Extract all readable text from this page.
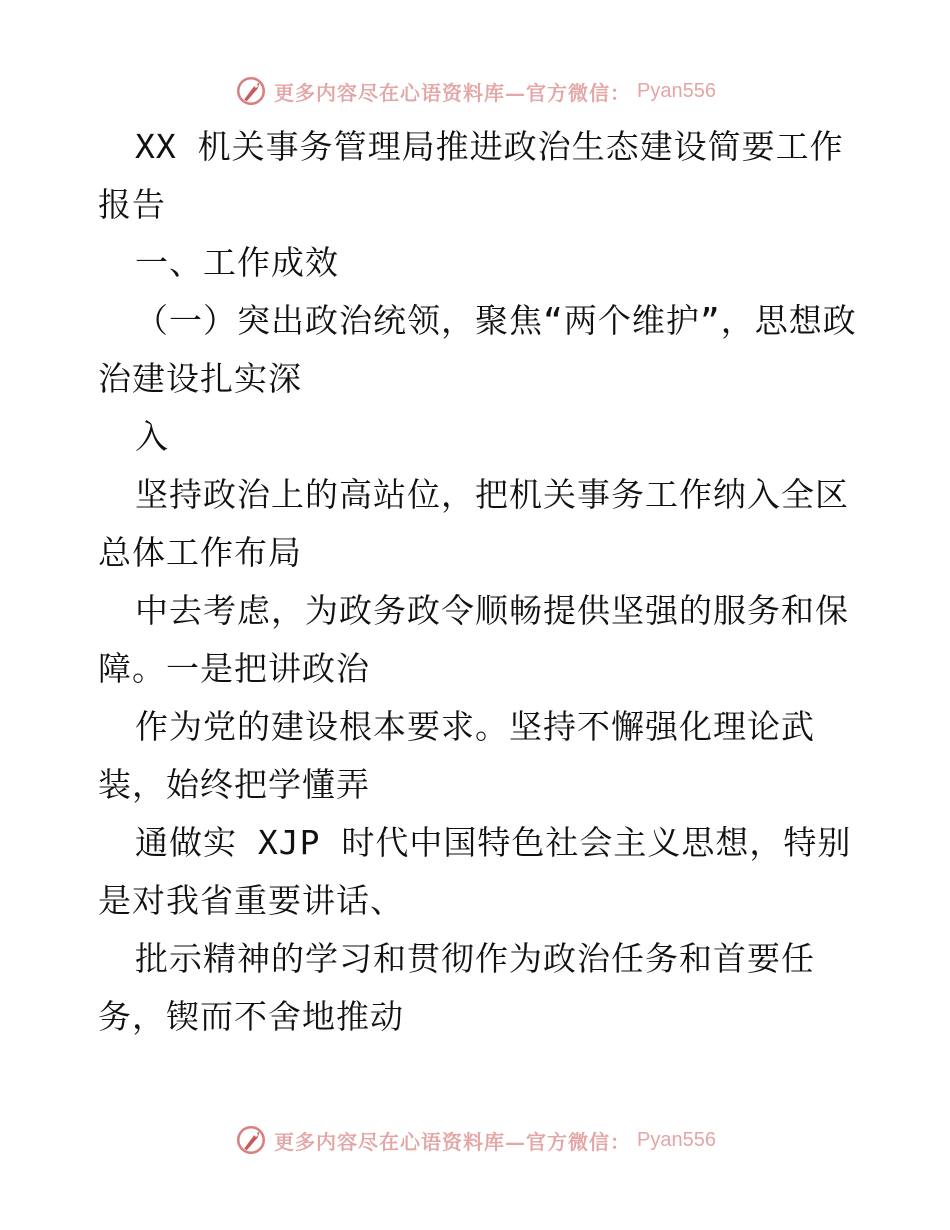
更多内容尽在心语资料库—官方微信： Pyan556

XX 机关事务管理局推进政治生态建设简要工作报告

一、工作成效

（一）突出政治统领，聚焦“两个维护”，思想政治建设扎实深

入

坚持政治上的高站位，把机关事务工作纳入全区总体工作布局

中去考虑，为政务政令顺畅提供坚强的服务和保障。一是把讲政治

作为党的建设根本要求。坚持不懈强化理论武装，始终把学懂弄

通做实 XJP 时代中国特色社会主义思想，特别是对我省重要讲话、

批示精神的学习和贯彻作为政治任务和首要任务，锲而不舍地推动

更多内容尽在心语资料库—官方微信： Pyan556
